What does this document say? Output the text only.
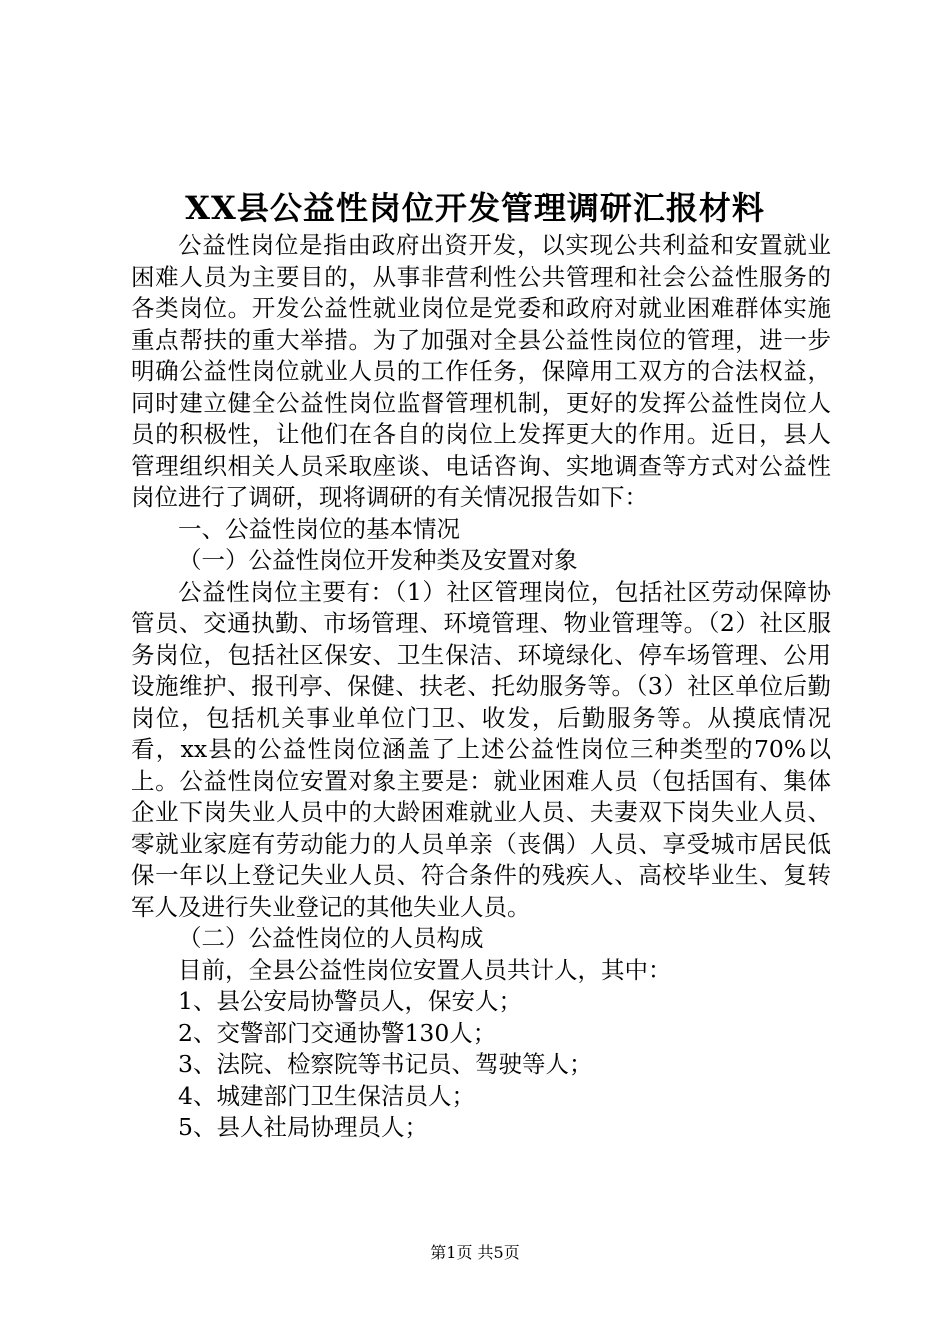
XX县公益性岗位开发管理调研汇报材料

公益性岗位是指由政府出资开发，以实现公共利益和安置就业困难人员为主要目的，从事非营利性公共管理和社会公益性服务的各类岗位。开发公益性就业岗位是党委和政府对就业困难群体实施重点帮扶的重大举措。为了加强对全县公益性岗位的管理，进一步明确公益性岗位就业人员的工作任务，保障用工双方的合法权益，同时建立健全公益性岗位监督管理机制，更好的发挥公益性岗位人员的积极性，让他们在各自的岗位上发挥更大的作用。近日，县人管理组织相关人员采取座谈、电话咨询、实地调查等方式对公益性岗位进行了调研，现将调研的有关情况报告如下：

一、公益性岗位的基本情况

（一）公益性岗位开发种类及安置对象

公益性岗位主要有：（1）社区管理岗位，包括社区劳动保障协管员、交通执勤、市场管理、环境管理、物业管理等。（2）社区服务岗位，包括社区保安、卫生保洁、环境绿化、停车场管理、公用设施维护、报刊亭、保健、扶老、托幼服务等。（3）社区单位后勤岗位，包括机关事业单位门卫、收发，后勤服务等。从摸底情况看，xx县的公益性岗位涵盖了上述公益性岗位三种类型的70%以上。公益性岗位安置对象主要是：就业困难人员（包括国有、集体企业下岗失业人员中的大龄困难就业人员、夫妻双下岗失业人员、零就业家庭有劳动能力的人员单亲（丧偶）人员、享受城市居民低保一年以上登记失业人员、符合条件的残疾人、高校毕业生、复转军人及进行失业登记的其他失业人员。

（二）公益性岗位的人员构成

目前，全县公益性岗位安置人员共计人，其中：

1、县公安局协警员人，保安人；

2、交警部门交通协警130人；

3、法院、检察院等书记员、驾驶等人；

4、城建部门卫生保洁员人；

5、县人社局协理员人；

第1页 共5页
